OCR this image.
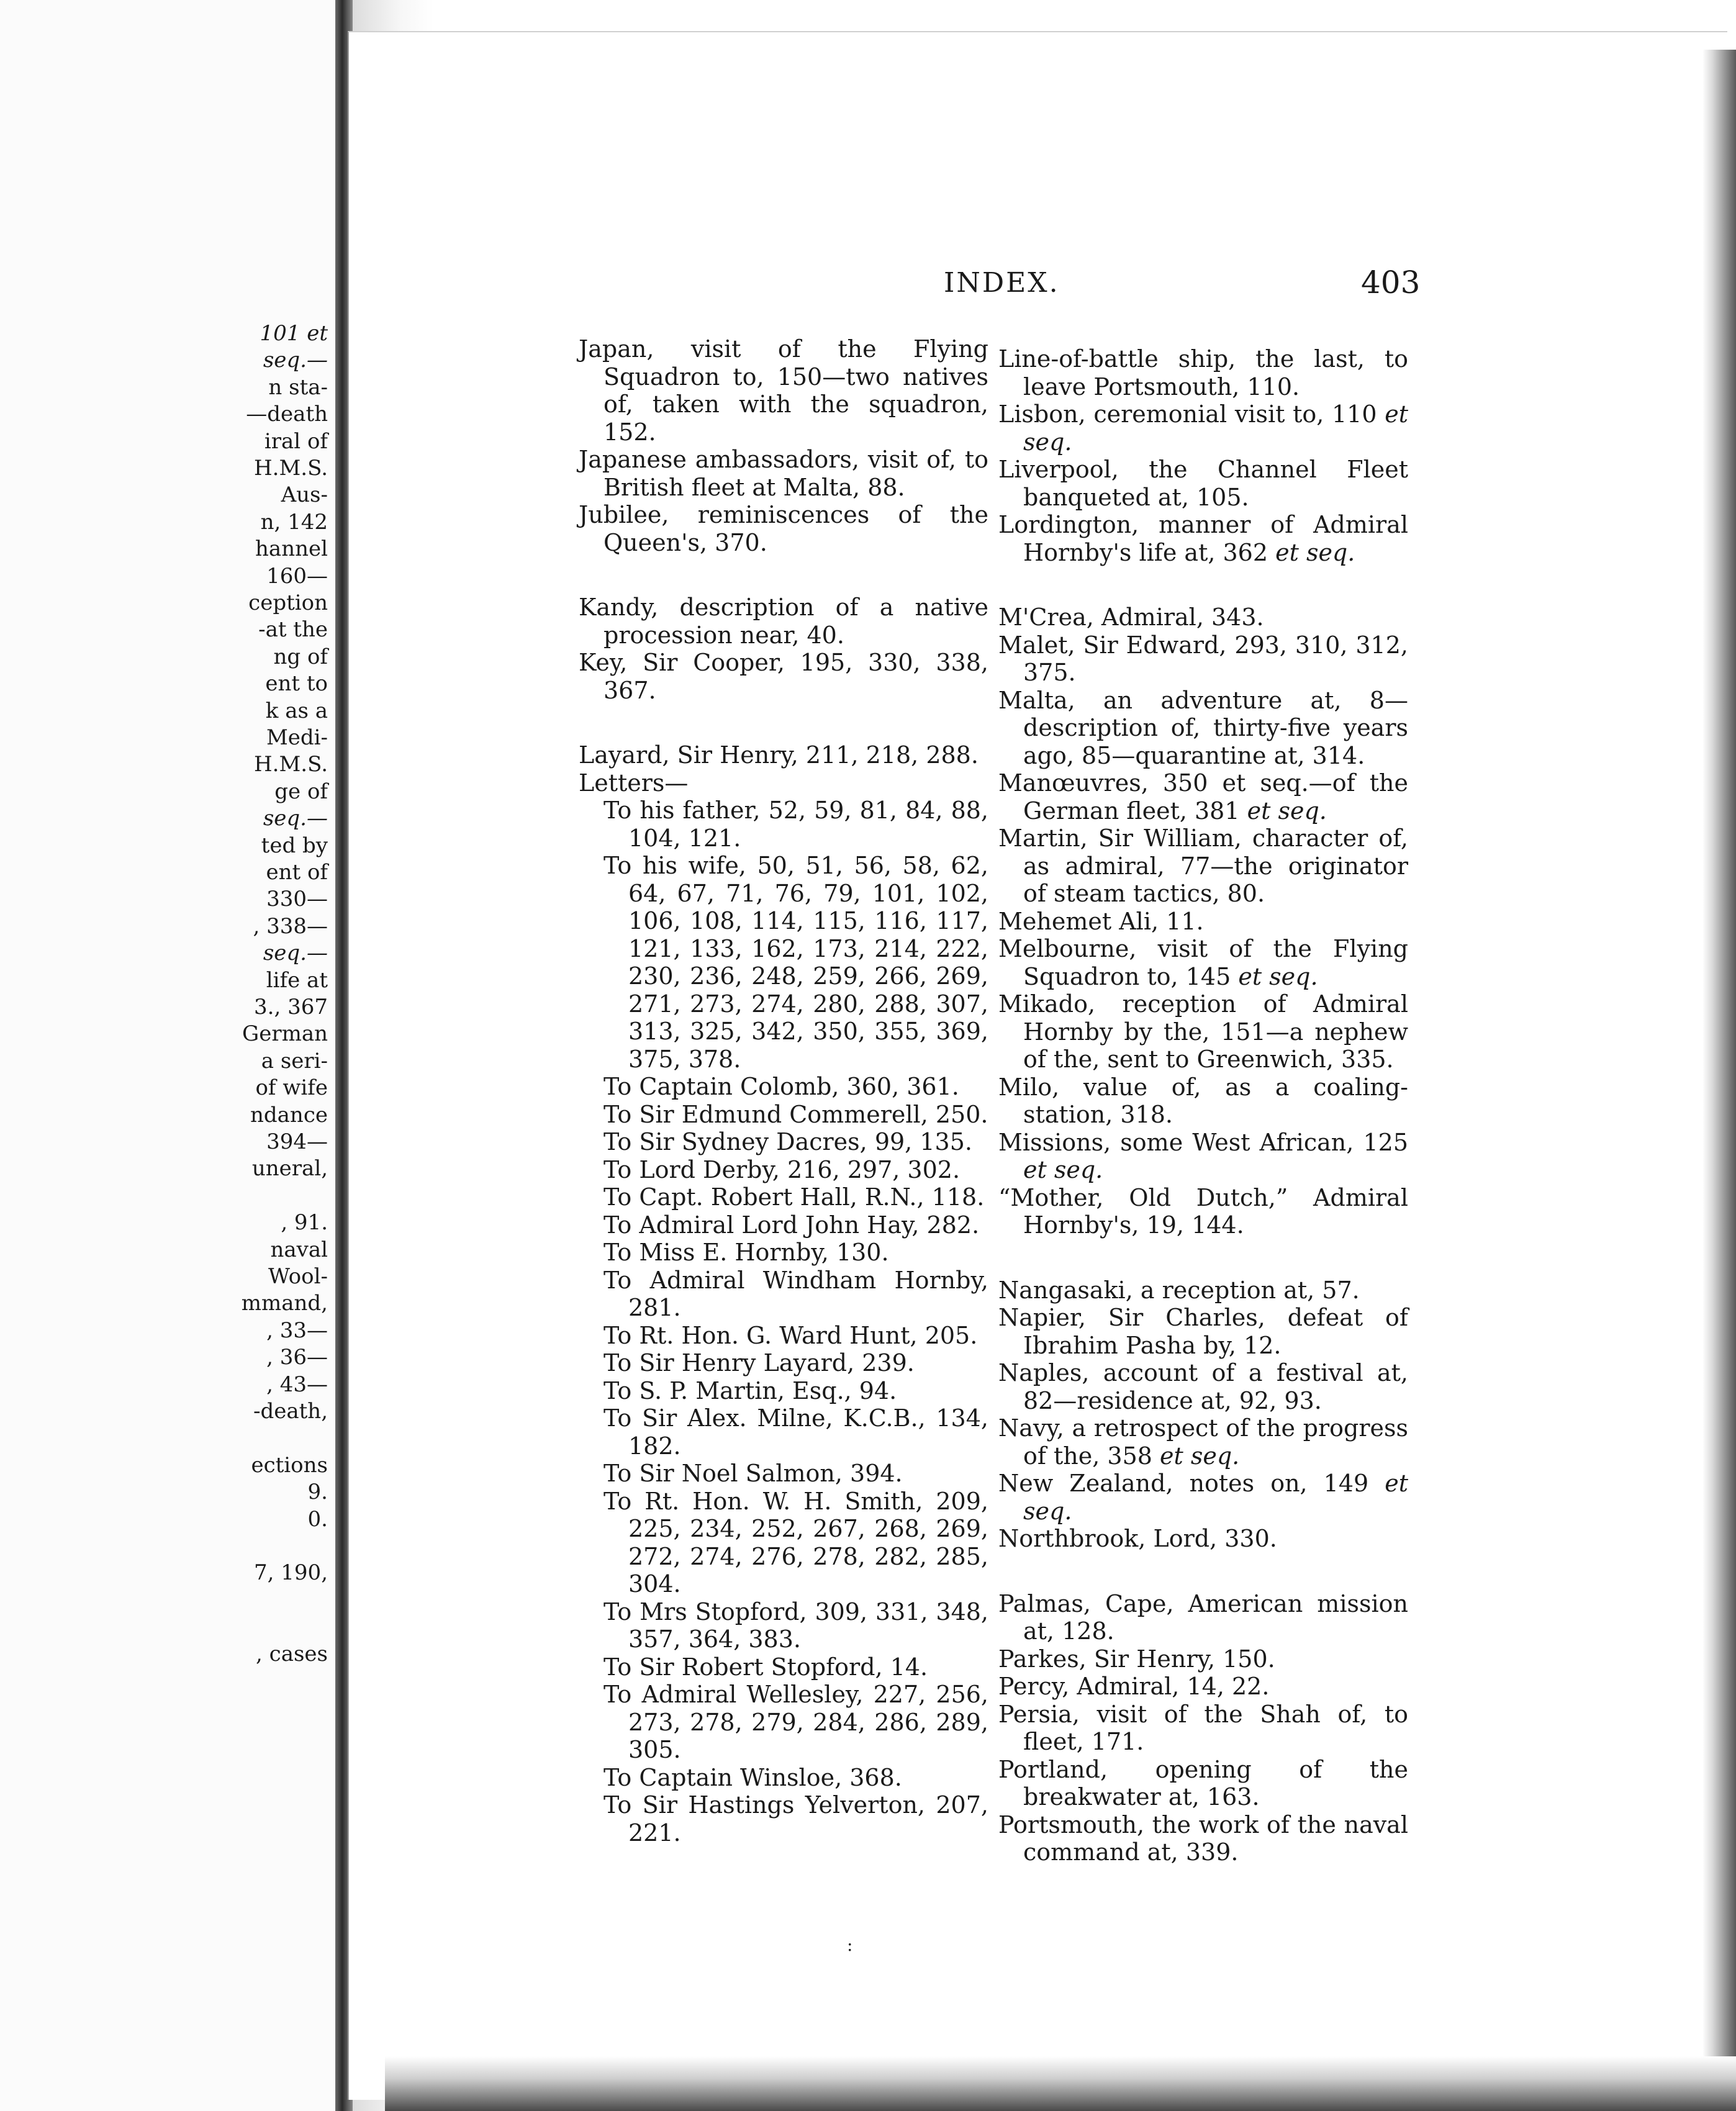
101 et
seq.—
n sta-
—death
iral of
H.M.S.
Aus-
n, 142
hannel
160—
ception
-at the
ng of
ent to
k as a
Medi-
H.M.S.
ge of
seq.—
ted by
ent of
330—
, 338—
seq.—
life at
3., 367
German
a seri-
of wife
ndance
394—
uneral,
, 91.
naval
Wool-
mmand,
, 33—
, 36—
, 43—
-death,
ections
9.
0.
7, 190,
, cases
INDEX.	403

Japan, visit of the Flying Squadron to, 150—two natives of, taken with the squadron, 152.

Japanese ambassadors, visit of, to British fleet at Malta, 88.

Jubilee, reminiscences of the Queen's, 370.

Kandy, description of a native procession near, 40.

Key, Sir Cooper, 195, 330, 338, 367.

Layard, Sir Henry, 211, 218, 288.

Letters—

To his father, 52, 59, 81, 84, 88, 104, 121.

To his wife, 50, 51, 56, 58, 62, 64, 67, 71, 76, 79, 101, 102, 106, 108, 114, 115, 116, 117, 121, 133, 162, 173, 214, 222, 230, 236, 248, 259, 266, 269, 271, 273, 274, 280, 288, 307, 313, 325, 342, 350, 355, 369, 375, 378.

To Captain Colomb, 360, 361.

To Sir Edmund Commerell, 250.

To Sir Sydney Dacres, 99, 135.

To Lord Derby, 216, 297, 302.

To Capt. Robert Hall, R.N., 118.

To Admiral Lord John Hay, 282.

To Miss E. Hornby, 130.

To Admiral Windham Hornby, 281.

To Rt. Hon. G. Ward Hunt, 205.

To Sir Henry Layard, 239.

To S. P. Martin, Esq., 94.

To Sir Alex. Milne, K.C.B., 134, 182.

To Sir Noel Salmon, 394.

To Rt. Hon. W. H. Smith, 209, 225, 234, 252, 267, 268, 269, 272, 274, 276, 278, 282, 285, 304.

To Mrs Stopford, 309, 331, 348, 357, 364, 383.

To Sir Robert Stopford, 14.

To Admiral Wellesley, 227, 256, 273, 278, 279, 284, 286, 289, 305.

To Captain Winsloe, 368.

To Sir Hastings Yelverton, 207, 221.

Line-of-battle ship, the last, to leave Portsmouth, 110.

Lisbon, ceremonial visit to, 110 et seq.

Liverpool, the Channel Fleet banqueted at, 105.

Lordington, manner of Admiral Hornby's life at, 362 et seq.

M'Crea, Admiral, 343.

Malet, Sir Edward, 293, 310, 312, 375.

Malta, an adventure at, 8—description of, thirty-five years ago, 85—quarantine at, 314.

Manœuvres, 350 et seq.—of the German fleet, 381 et seq.

Martin, Sir William, character of, as admiral, 77—the originator of steam tactics, 80.

Mehemet Ali, 11.

Melbourne, visit of the Flying Squadron to, 145 et seq.

Mikado, reception of Admiral Hornby by the, 151—a nephew of the, sent to Greenwich, 335.

Milo, value of, as a coaling-station, 318.

Missions, some West African, 125 et seq.

“Mother, Old Dutch,” Admiral Hornby's, 19, 144.

Nangasaki, a reception at, 57.

Napier, Sir Charles, defeat of Ibrahim Pasha by, 12.

Naples, account of a festival at, 82—residence at, 92, 93.

Navy, a retrospect of the progress of the, 358 et seq.

New Zealand, notes on, 149 et seq.

Northbrook, Lord, 330.

Palmas, Cape, American mission at, 128.

Parkes, Sir Henry, 150.

Percy, Admiral, 14, 22.

Persia, visit of the Shah of, to fleet, 171.

Portland, opening of the breakwater at, 163.

Portsmouth, the work of the naval command at, 339.

:
